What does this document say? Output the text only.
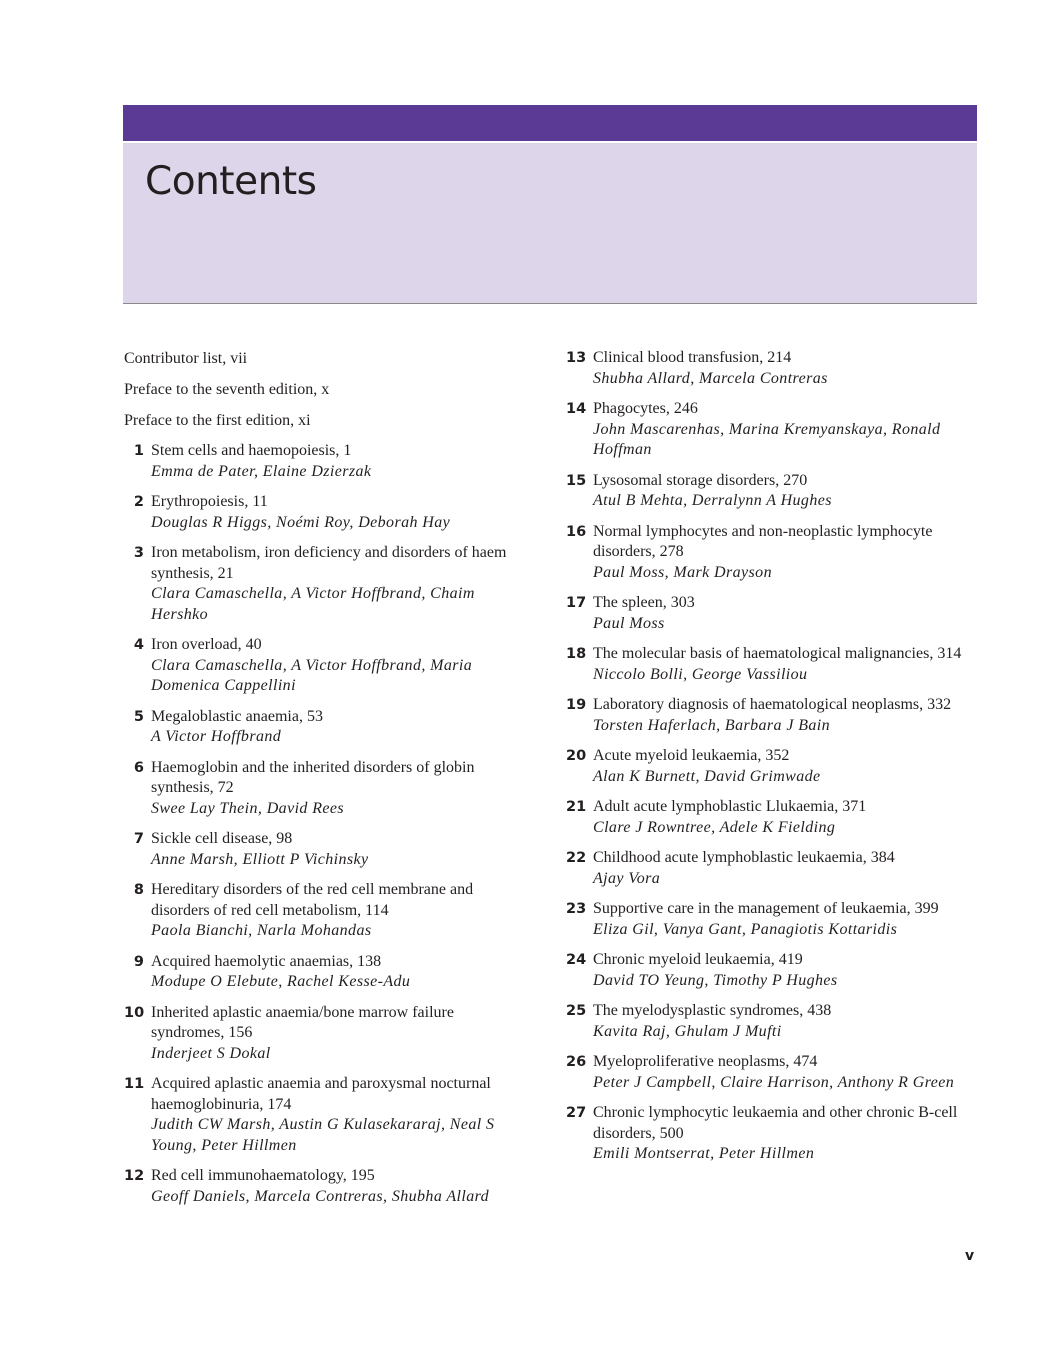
Contents
Contributor list, vii
Preface to the seventh edition, x
Preface to the first edition, xi
1 Stem cells and haemopoiesis, 1
Emma de Pater, Elaine Dzierzak
2 Erythropoiesis, 11
Douglas R Higgs, Noémi Roy, Deborah Hay
3 Iron metabolism, iron deficiency and disorders of haem synthesis, 21
Clara Camaschella, A Victor Hoffbrand, Chaim Hershko
4 Iron overload, 40
Clara Camaschella, A Victor Hoffbrand, Maria Domenica Cappellini
5 Megaloblastic anaemia, 53
A Victor Hoffbrand
6 Haemoglobin and the inherited disorders of globin synthesis, 72
Swee Lay Thein, David Rees
7 Sickle cell disease, 98
Anne Marsh, Elliott P Vichinsky
8 Hereditary disorders of the red cell membrane and disorders of red cell metabolism, 114
Paola Bianchi, Narla Mohandas
9 Acquired haemolytic anaemias, 138
Modupe O Elebute, Rachel Kesse-Adu
10 Inherited aplastic anaemia/bone marrow failure syndromes, 156
Inderjeet S Dokal
11 Acquired aplastic anaemia and paroxysmal nocturnal haemoglobinuria, 174
Judith CW Marsh, Austin G Kulasekararaj, Neal S Young, Peter Hillmen
12 Red cell immunohaematology, 195
Geoff Daniels, Marcela Contreras, Shubha Allard
13 Clinical blood transfusion, 214
Shubha Allard, Marcela Contreras
14 Phagocytes, 246
John Mascarenhas, Marina Kremyanskaya, Ronald Hoffman
15 Lysosomal storage disorders, 270
Atul B Mehta, Derralynn A Hughes
16 Normal lymphocytes and non-neoplastic lymphocyte disorders, 278
Paul Moss, Mark Drayson
17 The spleen, 303
Paul Moss
18 The molecular basis of haematological malignancies, 314
Niccolo Bolli, George Vassiliou
19 Laboratory diagnosis of haematological neoplasms, 332
Torsten Haferlach, Barbara J Bain
20 Acute myeloid leukaemia, 352
Alan K Burnett, David Grimwade
21 Adult acute lymphoblastic Llukaemia, 371
Clare J Rowntree, Adele K Fielding
22 Childhood acute lymphoblastic leukaemia, 384
Ajay Vora
23 Supportive care in the management of leukaemia, 399
Eliza Gil, Vanya Gant, Panagiotis Kottaridis
24 Chronic myeloid leukaemia, 419
David TO Yeung, Timothy P Hughes
25 The myelodysplastic syndromes, 438
Kavita Raj, Ghulam J Mufti
26 Myeloproliferative neoplasms, 474
Peter J Campbell, Claire Harrison, Anthony R Green
27 Chronic lymphocytic leukaemia and other chronic B-cell disorders, 500
Emili Montserrat, Peter Hillmen
v
